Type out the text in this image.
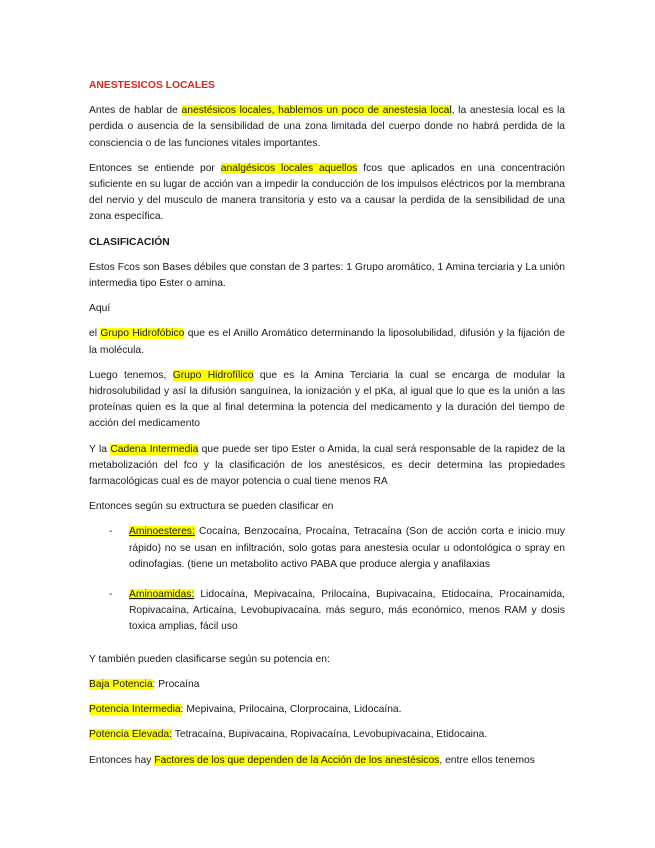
ANESTESICOS LOCALES

Antes de hablar de anestésicos locales, hablemos un poco de anestesia local, la anestesia local es la perdida o ausencia de la sensibilidad de una zona limitada del cuerpo donde no habrá perdida de la consciencia o de las funciones vitales importantes.

Entonces se entiende por analgésicos locales aquellos fcos que aplicados en una concentración suficiente en su lugar de acción van a impedir la conducción de los impulsos eléctricos por la membrana del nervio y del musculo de manera transitoria y esto va a causar la perdida de la sensibilidad de una zona específica.

CLASIFICACIÓN

Estos Fcos son Bases débiles que constan de 3 partes: 1 Grupo aromático, 1 Amina terciaria y La unión intermedia tipo Ester o amina.

Aquí

el Grupo Hidrofóbico que es el Anillo Aromático determinando la liposolubilidad, difusión y la fijación de la molécula.

Luego tenemos, Grupo Hidrofílico que es la Amina Terciaria la cual se encarga de modular la hidrosolubilidad y así la difusión sanguínea, la ionización y el pKa, al igual que lo que es la unión a las proteínas quien es la que al final determina la potencia del medicamento y la duración del tiempo de acción del medicamento

Y la Cadena Intermedia que puede ser tipo Ester o Amida, la cual será responsable de la rapidez de la metabolización del fco y la clasificación de los anestésicos, es decir determina las propiedades farmacológicas cual es de mayor potencia o cual tiene menos RA

Entonces según su extructura se pueden clasificar en

- Aminoesteres: Cocaína, Benzocaína, Procaína, Tetracaína (Son de acción corta e inicio muy rápido) no se usan en infiltración, solo gotas para anestesia ocular u odontológica o spray en odinofagias. (tiene un metabolito activo PABA que produce alergia y anafilaxias
- Aminoamidas: Lidocaína, Mepivacaína, Prilocaína, Bupivacaína, Etidocaína, Procainamida, Ropivacaína, Articaína, Levobupivacaína. más seguro, más económico, menos RAM y dosis toxica amplias, fácil uso

Y también pueden clasificarse según su potencia en:

Baja Potencia: Procaína

Potencia Intermedia: Mepivaina, Prilocaina, Clorprocaina, Lidocaína.

Potencia Elevada: Tetracaína, Bupivacaina, Ropivacaína, Levobupivacaina, Etidocaina.

Entonces hay Factores de los que dependen de la Acción de los anestésicos, entre ellos tenemos
